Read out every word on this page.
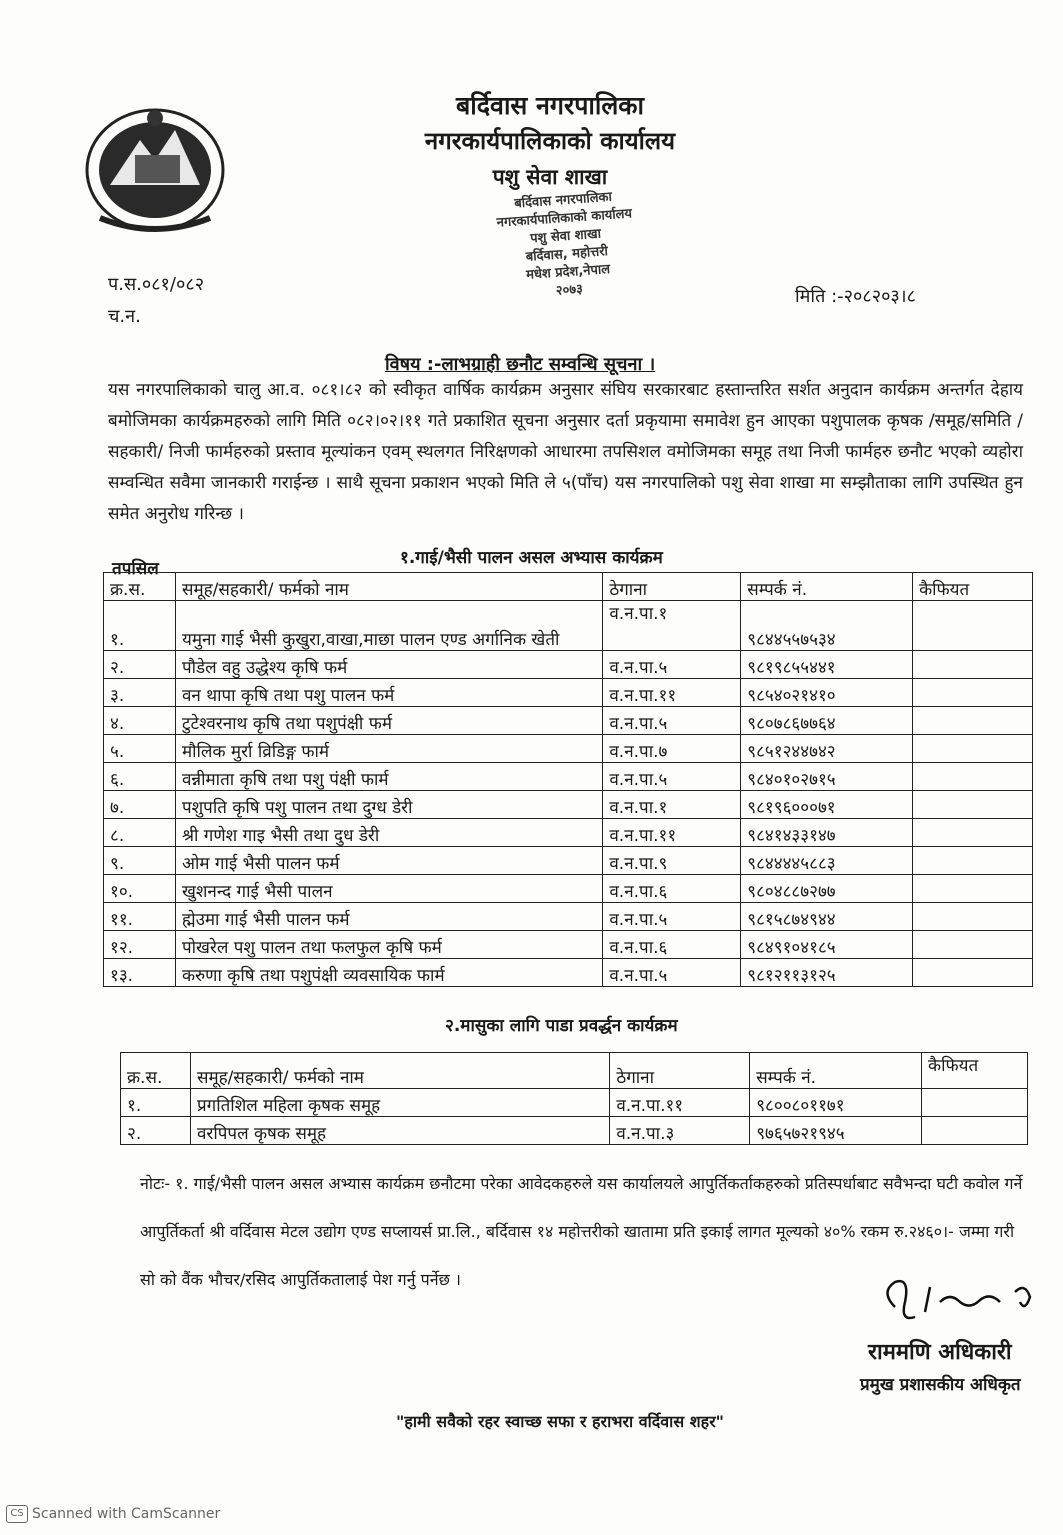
बर्दिवास नगरपालिका
नगरकार्यपालिकाको कार्यालय
पशु सेवा शाखा
बर्दिवास नगरपालिका
नगरकार्यपालिकाको कार्यालय
पशु सेवा शाखा
बर्दिवास, महोत्तरी
मधेश प्रदेश,नेपाल
२०७३
प.स.०८१/०८२
च.न.
मिति :-२०८२०३।८
विषय :-लाभग्राही छनौट सम्वन्धि सूचना ।
यस नगरपालिकाको चालु आ.व. ०८१।८२ को स्वीकृत वार्षिक कार्यक्रम अनुसार संघिय सरकारबाट हस्तान्तरित सर्शत अनुदान कार्यक्रम अन्तर्गत देहाय बमोजिमका कार्यक्रमहरुको लागि मिति ०८२।०२।११ गते प्रकाशित सूचना अनुसार दर्ता प्रकृयामा समावेश हुन आएका पशुपालक कृषक /समूह/समिति /सहकारी/ निजी फार्महरुको प्रस्ताव मूल्यांकन एवम् स्थलगत निरिक्षणको आधारमा तपसिशल वमोजिमका समूह तथा निजी फार्महरु छनौट भएको व्यहोरा सम्वन्धित सवैमा जानकारी गराईन्छ । साथै सूचना प्रकाशन भएको मिति ले ५(पाँच) यस नगरपालिको पशु सेवा शाखा मा सम्झौताका लागि उपस्थित हुन समेत अनुरोध गरिन्छ ।
तपसिल
१.गाई/भैसी पालन असल अभ्यास कार्यक्रम
क्र.स.	समूह/सहकारी/ फर्मको नाम	ठेगाना	सम्पर्क नं.	कैफियत
१.	यमुना गाई भैसी कुखुरा,वाखा,माछा पालन एण्ड अर्गानिक खेती	व.न.पा.१	९८४४५५७५३४	
२.	पौडेल वहु उद्धेश्य कृषि फर्म	व.न.पा.५	९८१९८५५४४१	
३.	वन थापा कृषि तथा पशु पालन फर्म	व.न.पा.११	९८५४०२१४१०	
४.	टुटेश्वरनाथ कृषि तथा पशुपंक्षी फर्म	व.न.पा.५	९८०७८६७७६४	
५.	मौलिक मुर्रा व्रिडिङ्ग फार्म	व.न.पा.७	९८५१२४४७४२	
६.	वन्नीमाता कृषि तथा पशु पंक्षी फार्म	व.न.पा.५	९८४०१०२७१५	
७.	पशुपति कृषि पशु पालन तथा दुग्ध डेरी	व.न.पा.१	९८१९६०००७१	
८.	श्री गणेश गाइ भैसी तथा दुध डेरी	व.न.पा.११	९८४१४३३१४७	
९.	ओम गाई भैसी पालन फर्म	व.न.पा.९	९८४४४४५८८३	
१०.	खुशनन्द गाई भैसी पालन	व.न.पा.६	९८०४८८७२७७	
११.	ह्मेउमा गाई भैसी पालन फर्म	व.न.पा.५	९८१५८७४९४४	
१२.	पोखरेल पशु पालन तथा फलफुल कृषि फर्म	व.न.पा.६	९८४९१०४१८५	
१३.	करुणा कृषि तथा पशुपंक्षी व्यवसायिक फार्म	व.न.पा.५	९८१२११३१२५	
२.मासुका लागि पाडा प्रवर्द्धन कार्यक्रम
क्र.स.	समूह/सहकारी/ फर्मको नाम	ठेगाना	सम्पर्क नं.	कैफियत
१.	प्रगतिशिल महिला कृषक समूह	व.न.पा.११	९८००८०११७१	
२.	वरपिपल कृषक समूह	व.न.पा.३	९७६५७२१९४५	
नोटः- १. गाई/भैसी पालन असल अभ्यास कार्यक्रम छनौटमा परेका आवेदकहरुले यस कार्यालयले आपुर्तिकर्ताकहरुको प्रतिस्पर्धाबाट सवैभन्दा घटी कवोल गर्ने आपुर्तिकर्ता श्री वर्दिवास मेटल उद्योग एण्ड सप्लायर्स प्रा.लि., बर्दिवास १४ महोत्तरीको खातामा प्रति इकाई लागत मूल्यको ४०% रकम रु.२४६०।- जम्मा गरी सो को वैंक भौचर/रसिद आपुर्तिकतालाई पेश गर्नु पर्नेछ ।
राममणि अधिकारी
प्रमुख प्रशासकीय अधिकृत
"हामी सवैको रहर स्वाच्छ सफा र हराभरा वर्दिवास शहर"
CS Scanned with CamScanner
